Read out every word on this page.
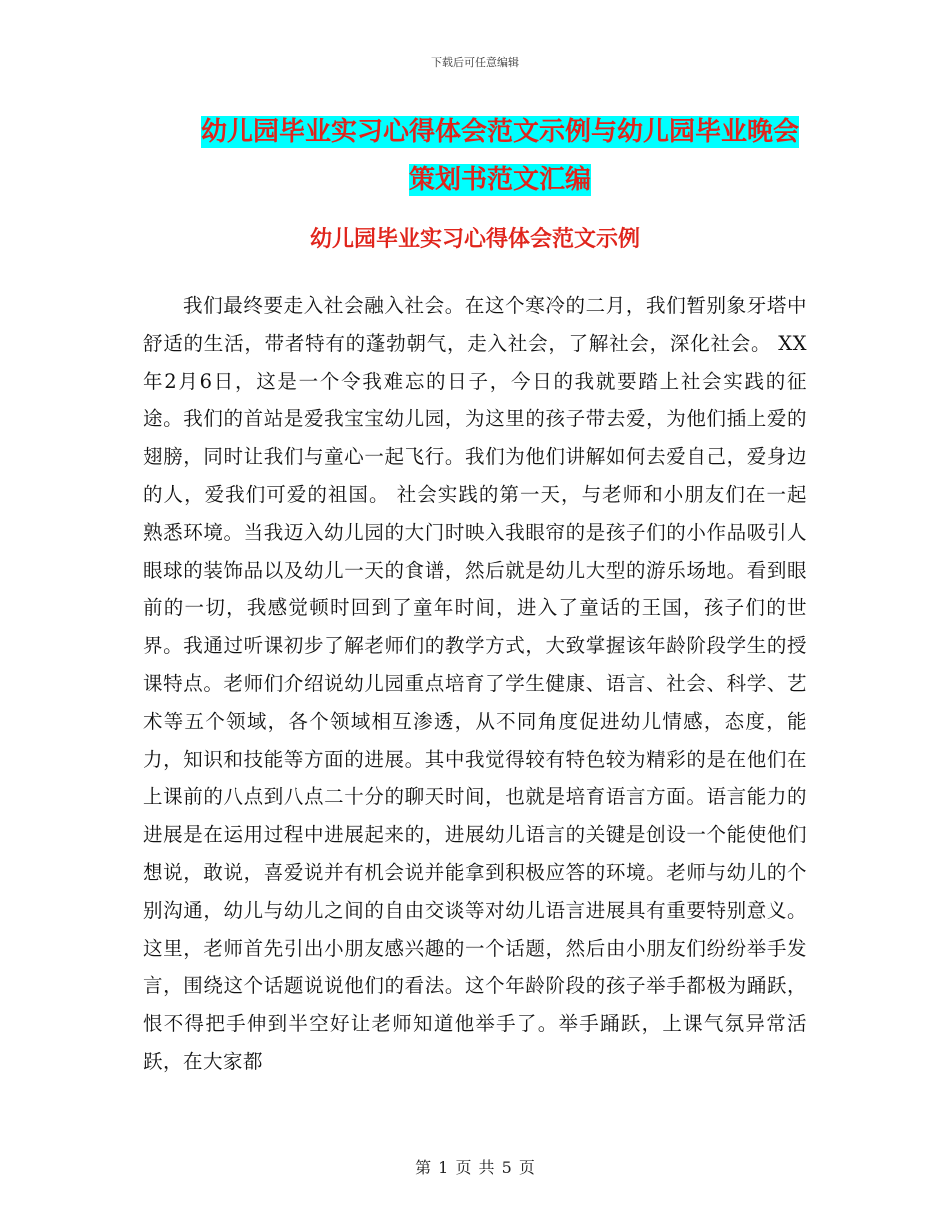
下载后可任意编辑
幼儿园毕业实习心得体会范文示例与幼儿园毕业晚会
策划书范文汇编
幼儿园毕业实习心得体会范文示例

我们最终要走入社会融入社会。在这个寒冷的二月，我们暂别象牙塔中舒适的生活，带者特有的蓬勃朝气，走入社会，了解社会，深化社会。 XX年2月6日，这是一个令我难忘的日子，今日的我就要踏上社会实践的征途。我们的首站是爱我宝宝幼儿园，为这里的孩子带去爱，为他们插上爱的翅膀，同时让我们与童心一起飞行。我们为他们讲解如何去爱自己，爱身边的人，爱我们可爱的祖国。 社会实践的第一天，与老师和小朋友们在一起熟悉环境。当我迈入幼儿园的大门时映入我眼帘的是孩子们的小作品吸引人眼球的装饰品以及幼儿一天的食谱，然后就是幼儿大型的游乐场地。看到眼前的一切，我感觉顿时回到了童年时间，进入了童话的王国，孩子们的世界。我通过听课初步了解老师们的教学方式，大致掌握该年龄阶段学生的授课特点。老师们介绍说幼儿园重点培育了学生健康、语言、社会、科学、艺术等五个领域，各个领域相互渗透，从不同角度促进幼儿情感，态度，能力，知识和技能等方面的进展。其中我觉得较有特色较为精彩的是在他们在上课前的八点到八点二十分的聊天时间，也就是培育语言方面。语言能力的进展是在运用过程中进展起来的，进展幼儿语言的关键是创设一个能使他们想说，敢说，喜爱说并有机会说并能拿到积极应答的环境。老师与幼儿的个别沟通，幼儿与幼儿之间的自由交谈等对幼儿语言进展具有重要特别意义。这里，老师首先引出小朋友感兴趣的一个话题，然后由小朋友们纷纷举手发言，围绕这个话题说说他们的看法。这个年龄阶段的孩子举手都极为踊跃，恨不得把手伸到半空好让老师知道他举手了。举手踊跃，上课气氛异常活跃，在大家都

第 1 页 共 5 页
